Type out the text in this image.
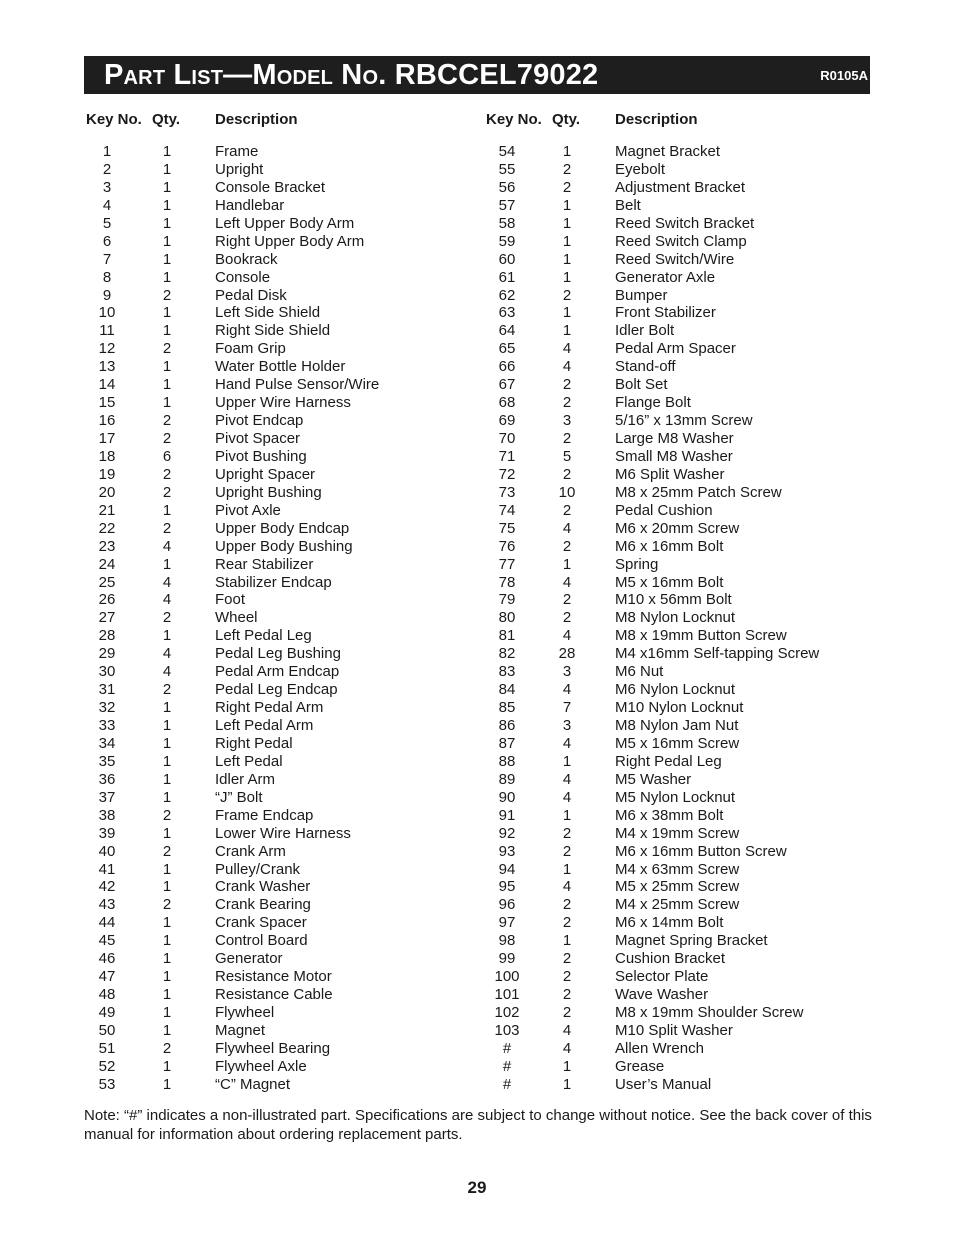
Part List—Model No. RBCCEL79022	R0105A
Key No. Qty. Description
1	1	Frame
2	1	Upright
3	1	Console Bracket
4	1	Handlebar
5	1	Left Upper Body Arm
6	1	Right Upper Body Arm
7	1	Bookrack
8	1	Console
9	2	Pedal Disk
10	1	Left Side Shield
11	1	Right Side Shield
12	2	Foam Grip
13	1	Water Bottle Holder
14	1	Hand Pulse Sensor/Wire
15	1	Upper Wire Harness
16	2	Pivot Endcap
17	2	Pivot Spacer
18	6	Pivot Bushing
19	2	Upright Spacer
20	2	Upright Bushing
21	1	Pivot Axle
22	2	Upper Body Endcap
23	4	Upper Body Bushing
24	1	Rear Stabilizer
25	4	Stabilizer Endcap
26	4	Foot
27	2	Wheel
28	1	Left Pedal Leg
29	4	Pedal Leg Bushing
30	4	Pedal Arm Endcap
31	2	Pedal Leg Endcap
32	1	Right Pedal Arm
33	1	Left Pedal Arm
34	1	Right Pedal
35	1	Left Pedal
36	1	Idler Arm
37	1	“J” Bolt
38	2	Frame Endcap
39	1	Lower Wire Harness
40	2	Crank Arm
41	1	Pulley/Crank
42	1	Crank Washer
43	2	Crank Bearing
44	1	Crank Spacer
45	1	Control Board
46	1	Generator
47	1	Resistance Motor
48	1	Resistance Cable
49	1	Flywheel
50	1	Magnet
51	2	Flywheel Bearing
52	1	Flywheel Axle
53	1	“C” Magnet
Key No. Qty. Description
54	1	Magnet Bracket
55	2	Eyebolt
56	2	Adjustment Bracket
57	1	Belt
58	1	Reed Switch Bracket
59	1	Reed Switch Clamp
60	1	Reed Switch/Wire
61	1	Generator Axle
62	2	Bumper
63	1	Front Stabilizer
64	1	Idler Bolt
65	4	Pedal Arm Spacer
66	4	Stand-off
67	2	Bolt Set
68	2	Flange Bolt
69	3	5/16” x 13mm Screw
70	2	Large M8 Washer
71	5	Small M8 Washer
72	2	M6 Split Washer
73	10	M8 x 25mm Patch Screw
74	2	Pedal Cushion
75	4	M6 x 20mm Screw
76	2	M6 x 16mm Bolt
77	1	Spring
78	4	M5 x 16mm Bolt
79	2	M10 x 56mm Bolt
80	2	M8 Nylon Locknut
81	4	M8 x 19mm Button Screw
82	28	M4 x16mm Self-tapping Screw
83	3	M6 Nut
84	4	M6 Nylon Locknut
85	7	M10 Nylon Locknut
86	3	M8 Nylon Jam Nut
87	4	M5 x 16mm Screw
88	1	Right Pedal Leg
89	4	M5 Washer
90	4	M5 Nylon Locknut
91	1	M6 x 38mm Bolt
92	2	M4 x 19mm Screw
93	2	M6 x 16mm Button Screw
94	1	M4 x 63mm Screw
95	4	M5 x 25mm Screw
96	2	M4 x 25mm Screw
97	2	M6 x 14mm Bolt
98	1	Magnet Spring Bracket
99	2	Cushion Bracket
100	2	Selector Plate
101	2	Wave Washer
102	2	M8 x 19mm Shoulder Screw
103	4	M10 Split Washer
#	4	Allen Wrench
#	1	Grease
#	1	User’s Manual
Note: “#” indicates a non-illustrated part. Specifications are subject to change without notice. See the back cover of this manual for information about ordering replacement parts.
29
